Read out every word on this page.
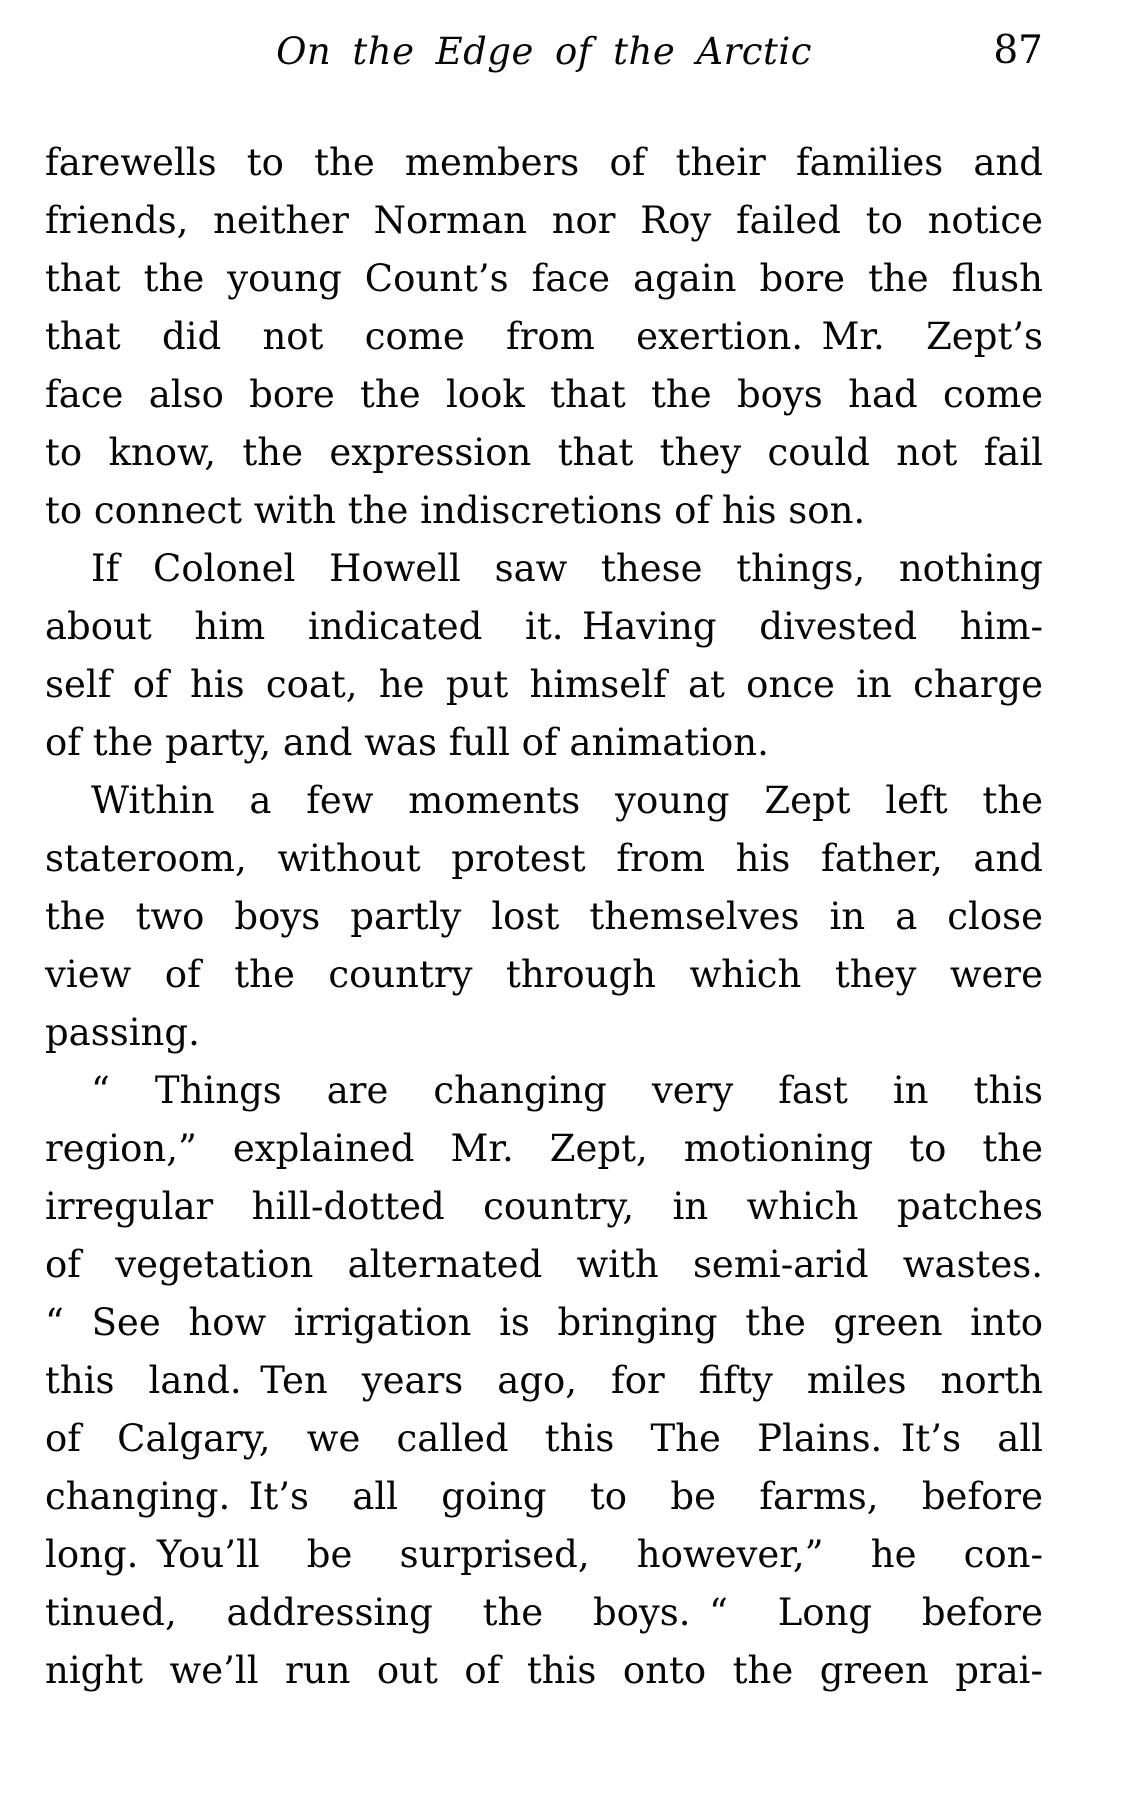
On the Edge of the Arctic	87
farewells to the members of their families and
friends, neither Norman nor Roy failed to notice
that the young Count’s face again bore the flush
that did not come from exertion. Mr. Zept’s
face also bore the look that the boys had come
to know, the expression that they could not fail
to connect with the indiscretions of his son.
If Colonel Howell saw these things, nothing
about him indicated it. Having divested him-
self of his coat, he put himself at once in charge
of the party, and was full of animation.
Within a few moments young Zept left the
stateroom, without protest from his father, and
the two boys partly lost themselves in a close
view of the country through which they were
passing.
“ Things are changing very fast in this
region,” explained Mr. Zept, motioning to the
irregular hill-dotted country, in which patches
of vegetation alternated with semi-arid wastes.
“ See how irrigation is bringing the green into
this land. Ten years ago, for fifty miles north
of Calgary, we called this The Plains. It’s all
changing. It’s all going to be farms, before
long. You’ll be surprised, however,” he con-
tinued, addressing the boys. “ Long before
night we’ll run out of this onto the green prai-
